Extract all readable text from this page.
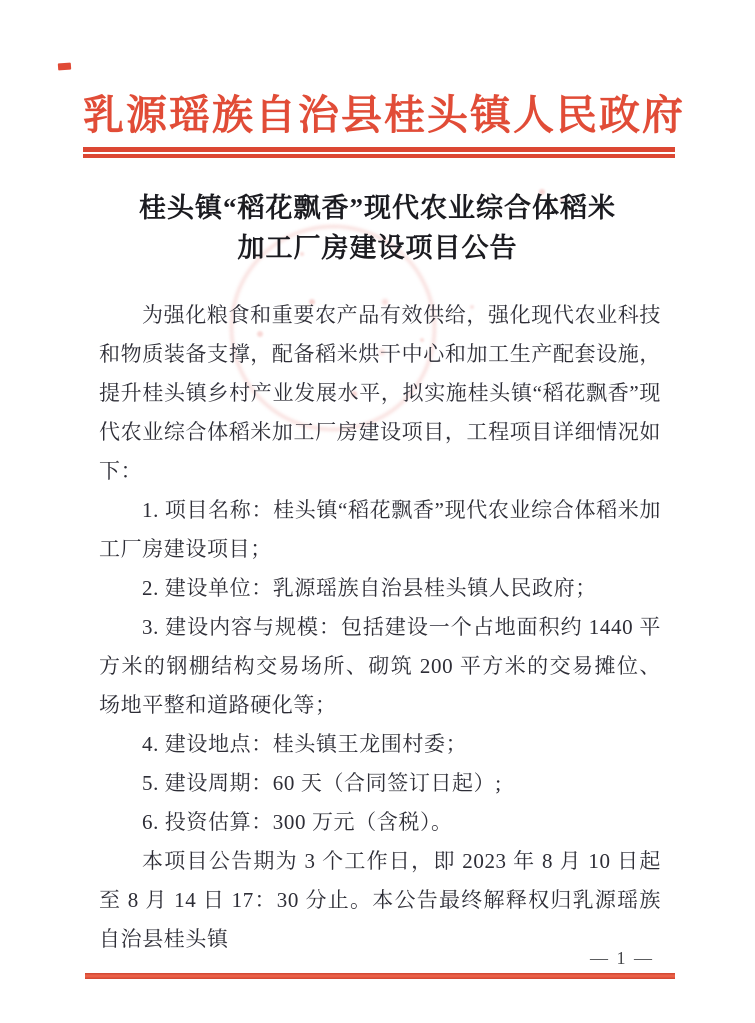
乳源瑶族自治县桂头镇人民政府
桂头镇“稻花飘香”现代农业综合体稻米
加工厂房建设项目公告

为强化粮食和重要农产品有效供给，强化现代农业科技和物质装备支撑，配备稻米烘干中心和加工生产配套设施，提升桂头镇乡村产业发展水平，拟实施桂头镇“稻花飘香”现代农业综合体稻米加工厂房建设项目，工程项目详细情况如下：

1. 项目名称：桂头镇“稻花飘香”现代农业综合体稻米加工厂房建设项目；

2. 建设单位：乳源瑶族自治县桂头镇人民政府；

3. 建设内容与规模：包括建设一个占地面积约 1440 平方米的钢棚结构交易场所、砌筑 200 平方米的交易摊位、场地平整和道路硬化等；

4. 建设地点：桂头镇王龙围村委；

5. 建设周期：60 天（合同签订日起）;

6. 投资估算：300 万元（含税）。

本项目公告期为 3 个工作日，即 2023 年 8 月 10 日起至 8 月 14 日 17：30 分止。本公告最终解释权归乳源瑶族自治县桂头镇

— 1 —
